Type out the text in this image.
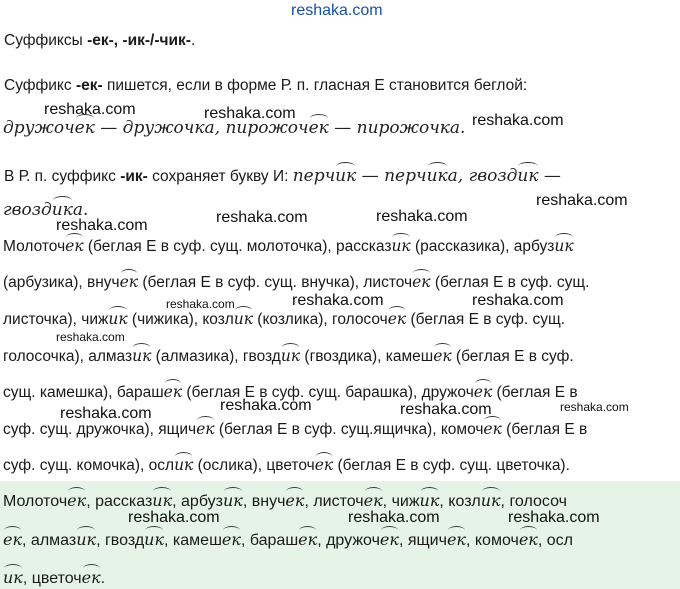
reshaka.com
Суффиксы -ек-, -ик-/-чик-.
Суффикс -ек- пишется, если в форме Р. п. гласная Е становится беглой:
дружочек — дружочка, пирожочек — пирожочка.
В Р. п. суффикс -ик- сохраняет букву И: перчик — перчика, гвоздик —
гвоздика.
Молоточек (беглая Е в суф. сущ. молоточка), рассказик (рассказика), арбузик
(арбузика), внучек (беглая Е в суф. сущ. внучка), листочек (беглая Е в суф. сущ.
листочка), чижик (чижика), козлик (козлика), голосочек (беглая Е в суф. сущ.
голосочка), алмазик (алмазика), гвоздик (гвоздика), камешек (беглая Е в суф.
сущ. камешка), барашек (беглая Е в суф. сущ. барашка), дружочек (беглая Е в
суф. сущ. дружочка), ящичек (беглая Е в суф. сущ.ящичка), комочек (беглая Е в
суф. сущ. комочка), ослик (ослика), цветочек (беглая Е в суф. сущ. цветочка).
Молоточек, рассказик, арбузик, внучек, листочек, чижик, козлик, голосоч
ек, алмазик, гвоздик, камешек, барашек, дружочек, ящичек, комочек, осл
ик, цветочек.
reshaka.com	reshaka.com	reshaka.com
reshaka.com
reshaka.com	reshaka.com
reshaka.com
reshaka.com	reshaka.com	reshaka.com
reshaka.com
reshaka.com	reshaka.com	reshaka.com
reshaka.com
reshaka.com	reshaka.com	reshaka.com
